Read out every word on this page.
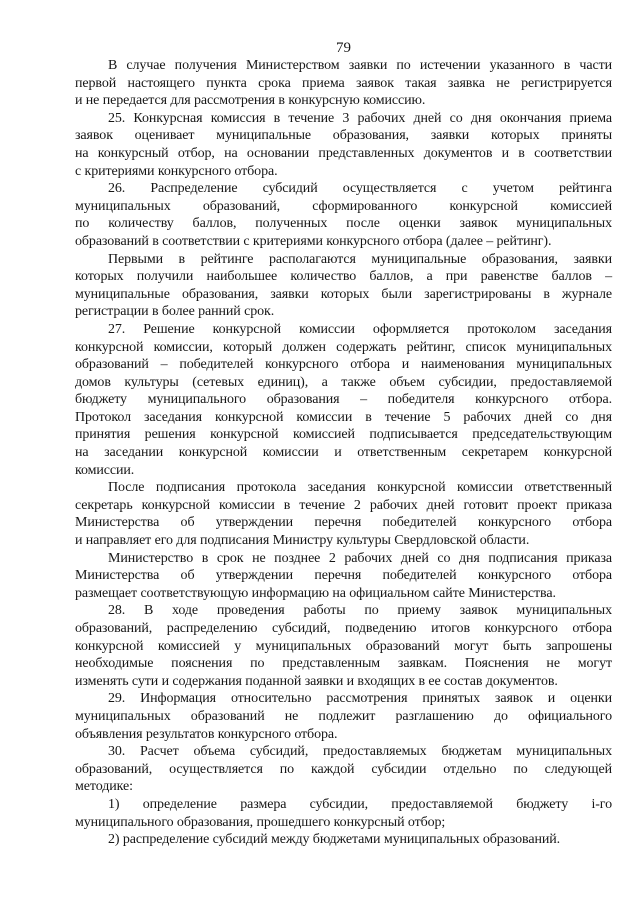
79

В случае получения Министерством заявки по истечении указанного в части
первой настоящего пункта срока приема заявок такая заявка не регистрируется
и не передается для рассмотрения в конкурсную комиссию.

25. Конкурсная комиссия в течение 3 рабочих дней со дня окончания приема
заявок оценивает муниципальные образования, заявки которых приняты
на конкурсный отбор, на основании представленных документов и в соответствии
с критериями конкурсного отбора.

26. Распределение субсидий осуществляется с учетом рейтинга
муниципальных образований, сформированного конкурсной комиссией
по количеству баллов, полученных после оценки заявок муниципальных
образований в соответствии с критериями конкурсного отбора (далее – рейтинг).

Первыми в рейтинге располагаются муниципальные образования, заявки
которых получили наибольшее количество баллов, а при равенстве баллов –
муниципальные образования, заявки которых были зарегистрированы в журнале
регистрации в более ранний срок.

27. Решение конкурсной комиссии оформляется протоколом заседания
конкурсной комиссии, который должен содержать рейтинг, список муниципальных
образований – победителей конкурсного отбора и наименования муниципальных
домов культуры (сетевых единиц), а также объем субсидии, предоставляемой
бюджету муниципального образования – победителя конкурсного отбора.
Протокол заседания конкурсной комиссии в течение 5 рабочих дней со дня
принятия решения конкурсной комиссией подписывается председательствующим
на заседании конкурсной комиссии и ответственным секретарем конкурсной
комиссии.

После подписания протокола заседания конкурсной комиссии ответственный
секретарь конкурсной комиссии в течение 2 рабочих дней готовит проект приказа
Министерства об утверждении перечня победителей конкурсного отбора
и направляет его для подписания Министру культуры Свердловской области.

Министерство в срок не позднее 2 рабочих дней со дня подписания приказа
Министерства об утверждении перечня победителей конкурсного отбора
размещает соответствующую информацию на официальном сайте Министерства.

28. В ходе проведения работы по приему заявок муниципальных
образований, распределению субсидий, подведению итогов конкурсного отбора
конкурсной комиссией у муниципальных образований могут быть запрошены
необходимые пояснения по представленным заявкам. Пояснения не могут
изменять сути и содержания поданной заявки и входящих в ее состав документов.

29. Информация относительно рассмотрения принятых заявок и оценки
муниципальных образований не подлежит разглашению до официального
объявления результатов конкурсного отбора.

30. Расчет объема субсидий, предоставляемых бюджетам муниципальных
образований, осуществляется по каждой субсидии отдельно по следующей
методике:

1) определение размера субсидии, предоставляемой бюджету i-го
муниципального образования, прошедшего конкурсный отбор;

2) распределение субсидий между бюджетами муниципальных образований.
